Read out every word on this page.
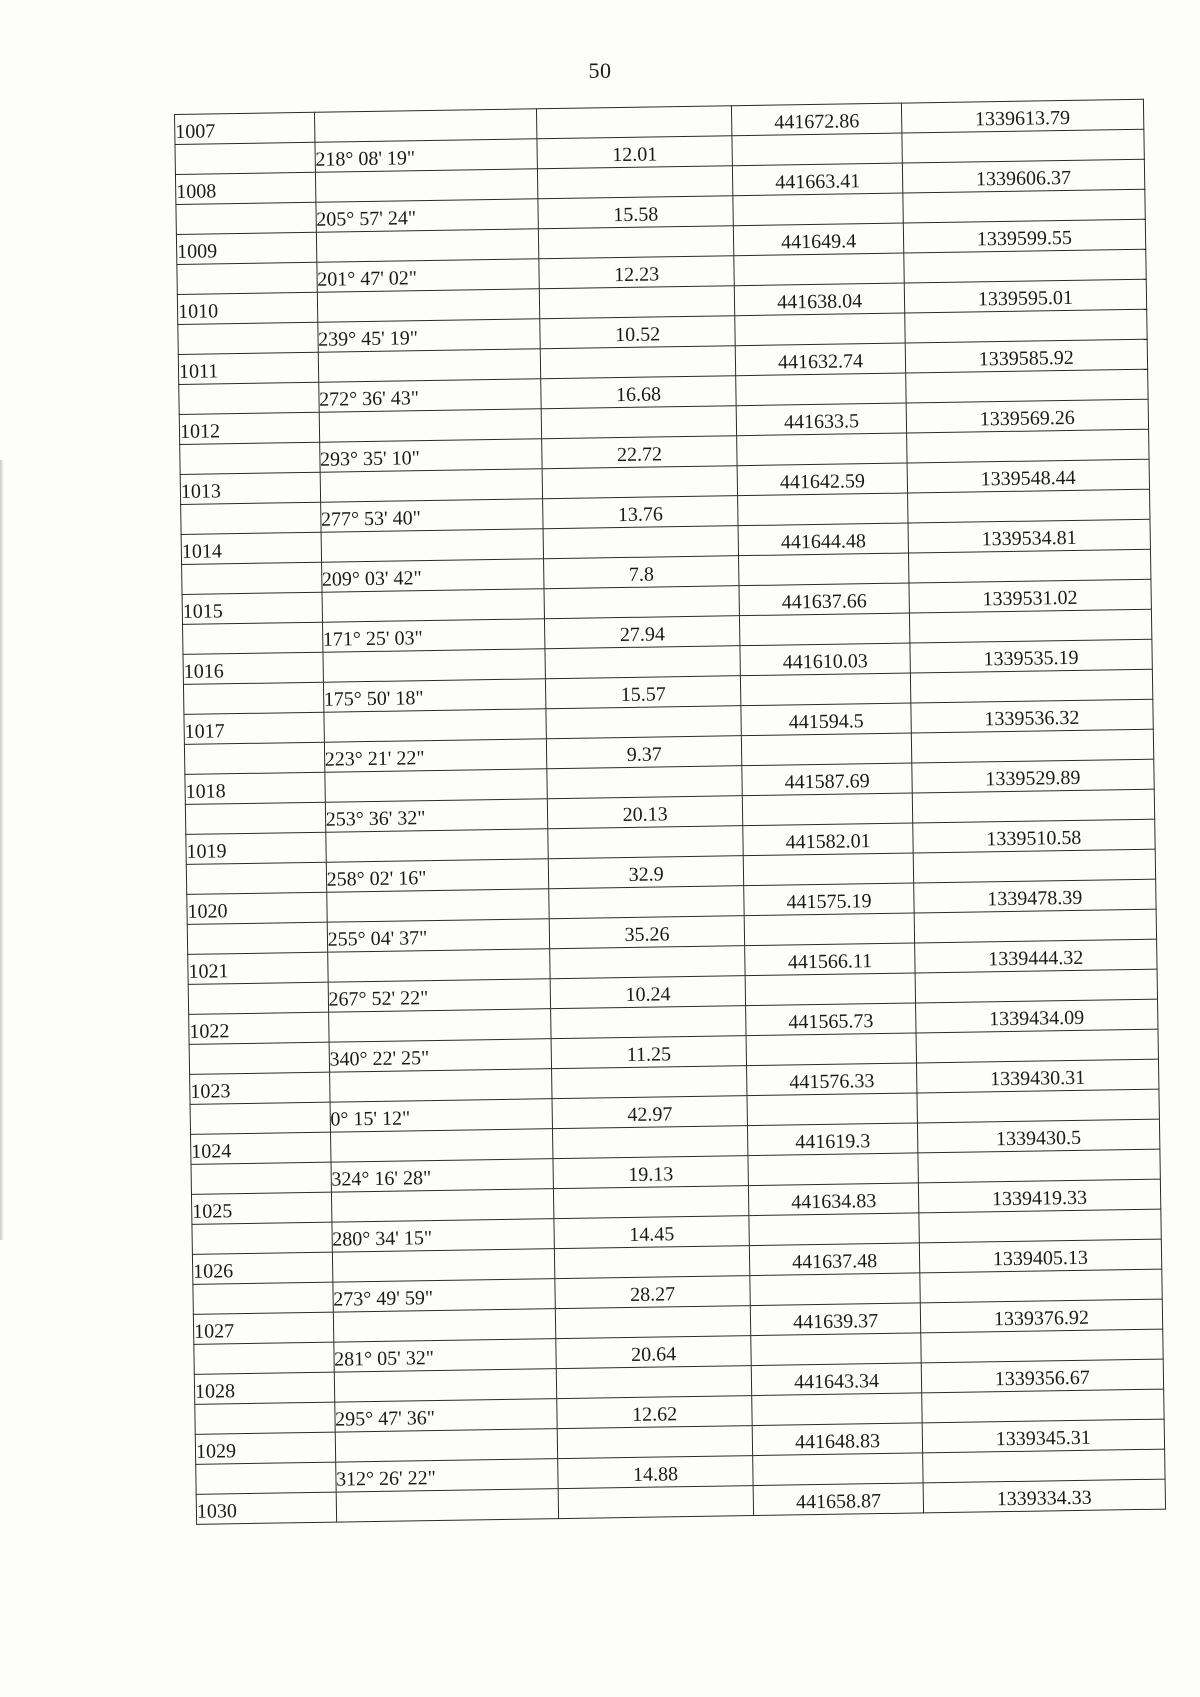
50
1007			441672.86	1339613.79
	218° 08' 19"	12.01		
1008			441663.41	1339606.37
	205° 57' 24"	15.58		
1009			441649.4	1339599.55
	201° 47' 02"	12.23		
1010			441638.04	1339595.01
	239° 45' 19"	10.52		
1011			441632.74	1339585.92
	272° 36' 43"	16.68		
1012			441633.5	1339569.26
	293° 35' 10"	22.72		
1013			441642.59	1339548.44
	277° 53' 40"	13.76		
1014			441644.48	1339534.81
	209° 03' 42"	7.8		
1015			441637.66	1339531.02
	171° 25' 03"	27.94		
1016			441610.03	1339535.19
	175° 50' 18"	15.57		
1017			441594.5	1339536.32
	223° 21' 22"	9.37		
1018			441587.69	1339529.89
	253° 36' 32"	20.13		
1019			441582.01	1339510.58
	258° 02' 16"	32.9		
1020			441575.19	1339478.39
	255° 04' 37"	35.26		
1021			441566.11	1339444.32
	267° 52' 22"	10.24		
1022			441565.73	1339434.09
	340° 22' 25"	11.25		
1023			441576.33	1339430.31
	0° 15' 12"	42.97		
1024			441619.3	1339430.5
	324° 16' 28"	19.13		
1025			441634.83	1339419.33
	280° 34' 15"	14.45		
1026			441637.48	1339405.13
	273° 49' 59"	28.27		
1027			441639.37	1339376.92
	281° 05' 32"	20.64		
1028			441643.34	1339356.67
	295° 47' 36"	12.62		
1029			441648.83	1339345.31
	312° 26' 22"	14.88		
1030			441658.87	1339334.33
